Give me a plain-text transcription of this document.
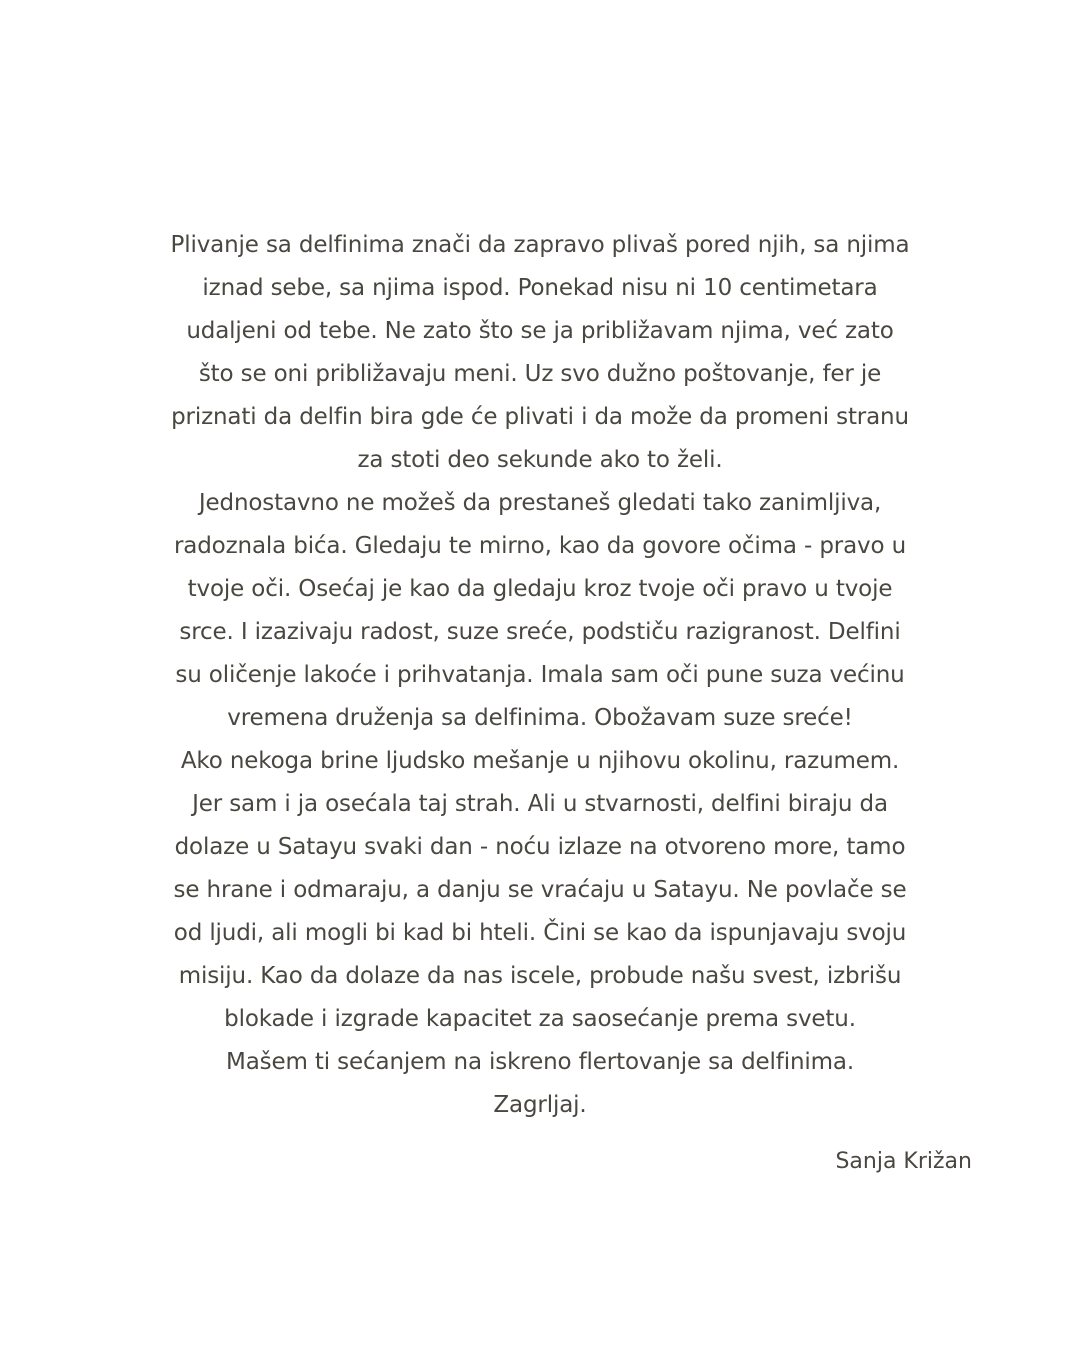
Plivanje sa delfinima znači da zapravo plivaš pored njih, sa njima
iznad sebe, sa njima ispod. Ponekad nisu ni 10 centimetara
udaljeni od tebe. Ne zato što se ja približavam njima, već zato
što se oni približavaju meni. Uz svo dužno poštovanje, fer je
priznati da delfin bira gde će plivati i da može da promeni stranu
za stoti deo sekunde ako to želi.
Jednostavno ne možeš da prestaneš gledati tako zanimljiva,
radoznala bića. Gledaju te mirno, kao da govore očima - pravo u
tvoje oči. Osećaj je kao da gledaju kroz tvoje oči pravo u tvoje
srce. I izazivaju radost, suze sreće, podstiču razigranost. Delfini
su oličenje lakoće i prihvatanja. Imala sam oči pune suza većinu
vremena druženja sa delfinima. Obožavam suze sreće!
Ako nekoga brine ljudsko mešanje u njihovu okolinu, razumem.
Jer sam i ja osećala taj strah. Ali u stvarnosti, delfini biraju da
dolaze u Satayu svaki dan - noću izlaze na otvoreno more, tamo
se hrane i odmaraju, a danju se vraćaju u Satayu. Ne povlače se
od ljudi, ali mogli bi kad bi hteli. Čini se kao da ispunjavaju svoju
misiju. Kao da dolaze da nas iscele, probude našu svest, izbrišu
blokade i izgrade kapacitet za saosećanje prema svetu.
Mašem ti sećanjem na iskreno flertovanje sa delfinima.
Zagrljaj.
Sanja Križan
